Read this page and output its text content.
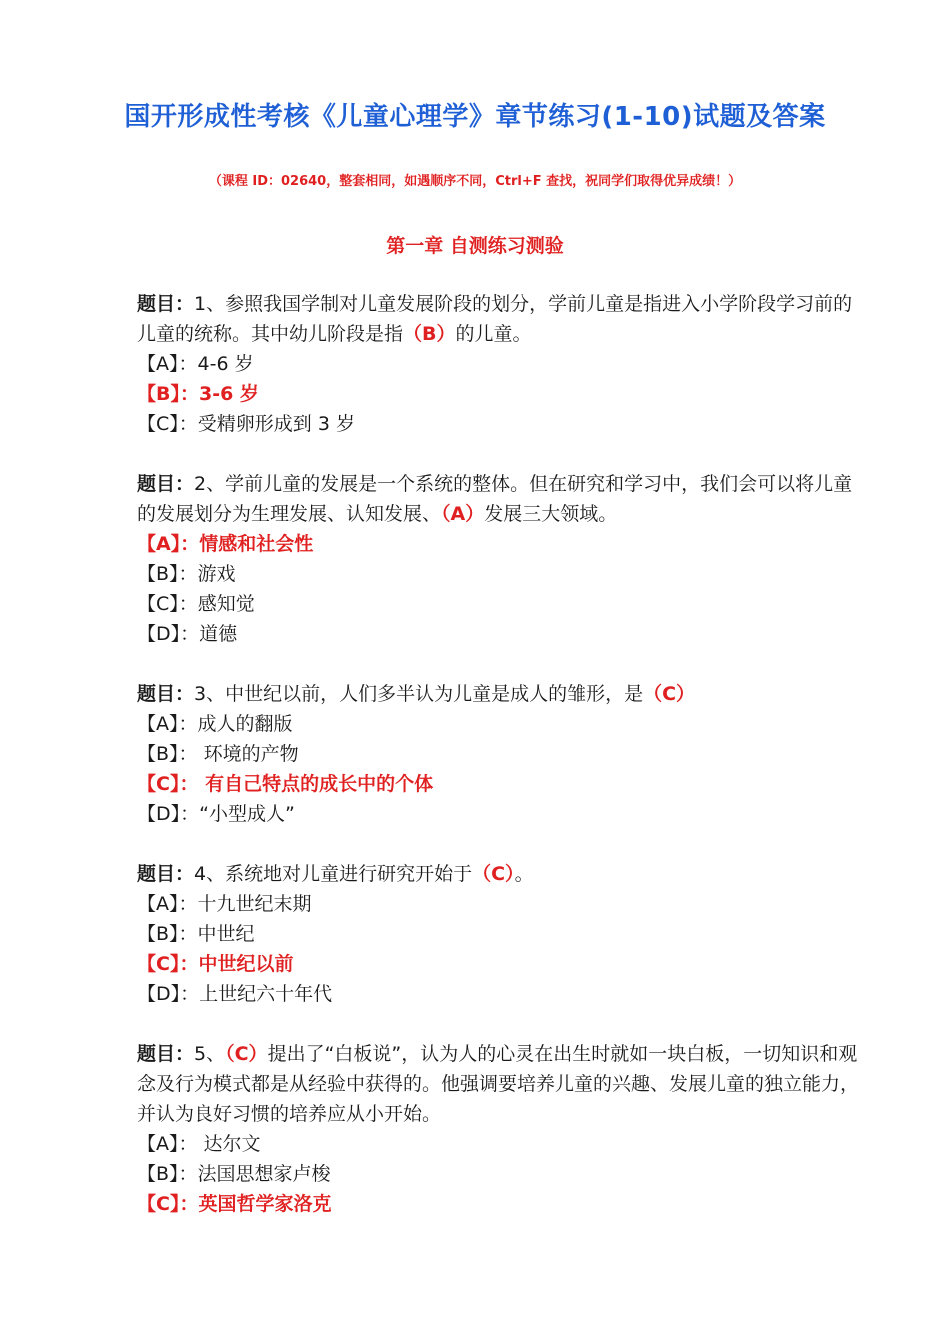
国开形成性考核《儿童心理学》章节练习(1-10)试题及答案
（课程 ID：02640，整套相同，如遇顺序不同，Ctrl+F 查找，祝同学们取得优异成绩！）
第一章 自测练习测验

题目：1、参照我国学制对儿童发展阶段的划分，学前儿童是指进入小学阶段学习前的儿童的统称。其中幼儿阶段是指（B）的儿童。

【A】：4-6 岁

【B】：3-6 岁

【C】：受精卵形成到 3 岁

题目：2、学前儿童的发展是一个系统的整体。但在研究和学习中，我们会可以将儿童的发展划分为生理发展、认知发展、（A）发展三大领域。

【A】：情感和社会性

【B】：游戏

【C】：感知觉

【D】：道德

题目：3、中世纪以前，人们多半认为儿童是成人的雏形，是（C）

【A】：成人的翻版

【B】： 环境的产物

【C】： 有自己特点的成长中的个体

【D】：“小型成人”

题目：4、系统地对儿童进行研究开始于（C）。

【A】：十九世纪末期

【B】：中世纪

【C】：中世纪以前

【D】：上世纪六十年代

题目：5、（C）提出了“白板说”，认为人的心灵在出生时就如一块白板，一切知识和观念及行为模式都是从经验中获得的。他强调要培养儿童的兴趣、发展儿童的独立能力，并认为良好习惯的培养应从小开始。

【A】： 达尔文

【B】：法国思想家卢梭

【C】：英国哲学家洛克
